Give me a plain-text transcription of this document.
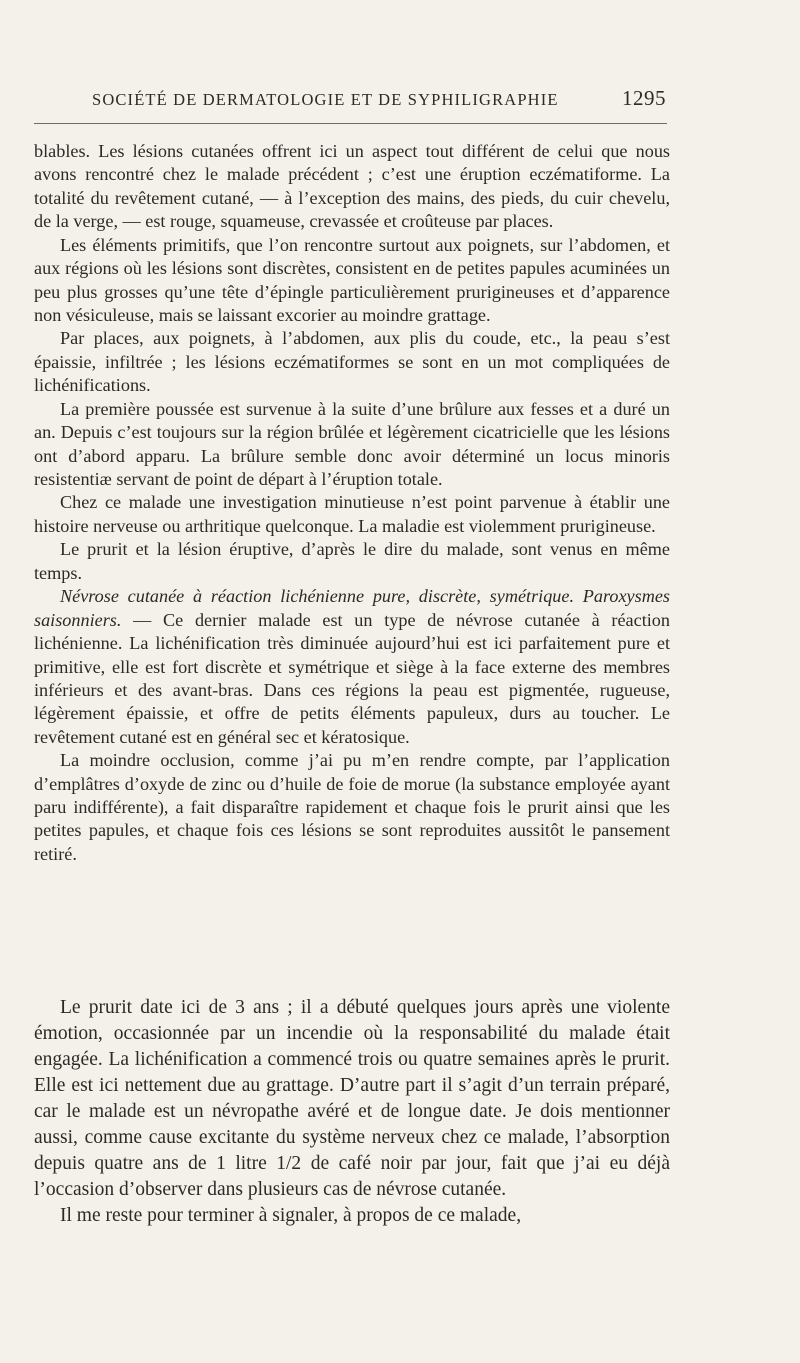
SOCIÉTÉ DE DERMATOLOGIE ET DE SYPHILIGRAPHIE	1295

blables. Les lésions cutanées offrent ici un aspect tout différent de celui que nous avons rencontré chez le malade précédent ; c’est une éruption eczématiforme. La totalité du revêtement cutané, — à l’exception des mains, des pieds, du cuir chevelu, de la verge, — est rouge, squameuse, crevassée et croûteuse par places.

Les éléments primitifs, que l’on rencontre surtout aux poignets, sur l’abdomen, et aux régions où les lésions sont discrètes, consistent en de petites papules acuminées un peu plus grosses qu’une tête d’épingle particulièrement prurigineuses et d’apparence non vésiculeuse, mais se laissant excorier au moindre grattage.

Par places, aux poignets, à l’abdomen, aux plis du coude, etc., la peau s’est épaissie, infiltrée ; les lésions eczématiformes se sont en un mot compliquées de lichénifications.

La première poussée est survenue à la suite d’une brûlure aux fesses et a duré un an. Depuis c’est toujours sur la région brûlée et légèrement cicatricielle que les lésions ont d’abord apparu. La brûlure semble donc avoir déterminé un locus minoris resistentiæ servant de point de départ à l’éruption totale.

Chez ce malade une investigation minutieuse n’est point parvenue à établir une histoire nerveuse ou arthritique quelconque. La maladie est violemment prurigineuse.

Le prurit et la lésion éruptive, d’après le dire du malade, sont venus en même temps.

Névrose cutanée à réaction lichénienne pure, discrète, symétrique. Paroxysmes saisonniers. — Ce dernier malade est un type de névrose cutanée à réaction lichénienne. La lichénification très diminuée aujourd’hui est ici parfaitement pure et primitive, elle est fort discrète et symétrique et siège à la face externe des membres inférieurs et des avant-bras. Dans ces régions la peau est pigmentée, rugueuse, légèrement épaissie, et offre de petits éléments papuleux, durs au toucher. Le revêtement cutané est en général sec et kératosique.

La moindre occlusion, comme j’ai pu m’en rendre compte, par l’application d’emplâtres d’oxyde de zinc ou d’huile de foie de morue (la substance employée ayant paru indifférente), a fait disparaître rapidement et chaque fois le prurit ainsi que les petites papules, et chaque fois ces lésions se sont reproduites aussitôt le pansement retiré.

Le prurit date ici de 3 ans ; il a débuté quelques jours après une violente émotion, occasionnée par un incendie où la responsabilité du malade était engagée. La lichénification a commencé trois ou quatre semaines après le prurit. Elle est ici nettement due au grattage. D’autre part il s’agit d’un terrain préparé, car le malade est un névropathe avéré et de longue date. Je dois mentionner aussi, comme cause excitante du système nerveux chez ce malade, l’absorption depuis quatre ans de 1 litre 1/2 de café noir par jour, fait que j’ai eu déjà l’occasion d’observer dans plusieurs cas de névrose cutanée.

Il me reste pour terminer à signaler, à propos de ce malade,
